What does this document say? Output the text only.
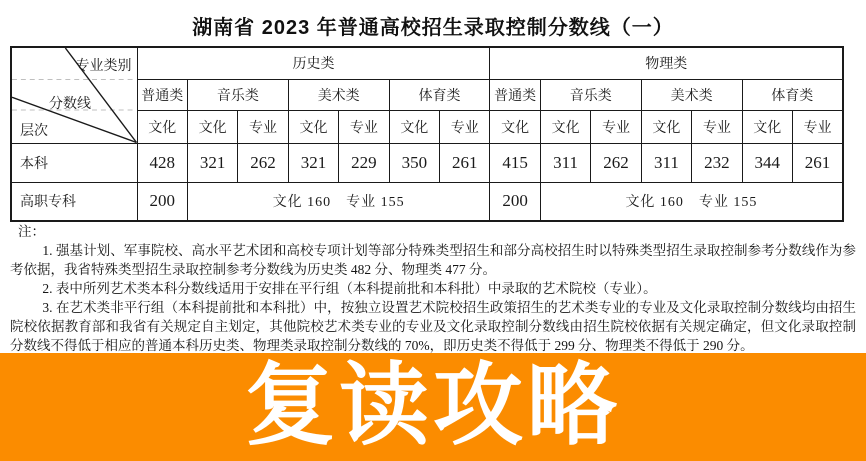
湖南省 2023 年普通高校招生录取控制分数线（一）
专业类别
分数线
层次	历史类							物理类						
	普通类	音乐类		美术类		体育类		普通类	音乐类		美术类		体育类	
	文化	文化	专业	文化	专业	文化	专业	文化	文化	专业	文化	专业	文化	专业
本科	428	321	262	321	229	350	261	415	311	262	311	232	344	261
高职专科	200	文化 160　专业 155						200	文化 160　专业 155					

注：

1. 强基计划、军事院校、高水平艺术团和高校专项计划等部分特殊类型招生和部分高校招生时以特殊类型招生录取控制参考分数线作为参考依据，我省特殊类型招生录取控制参考分数线为历史类 482 分、物理类 477 分。

2. 表中所列艺术类本科分数线适用于安排在平行组（本科提前批和本科批）中录取的艺术院校（专业）。

3. 在艺术类非平行组（本科提前批和本科批）中，按独立设置艺术院校招生政策招生的艺术类专业的专业及文化录取控制分数线均由招生院校依据教育部和我省有关规定自主划定，其他院校艺术类专业的专业及文化录取控制分数线由招生院校依据有关规定确定，但文化录取控制分数线不得低于相应的普通本科历史类、物理类录取控制分数线的 70%，即历史类不得低于 299 分、物理类不得低于 290 分。

复读攻略
